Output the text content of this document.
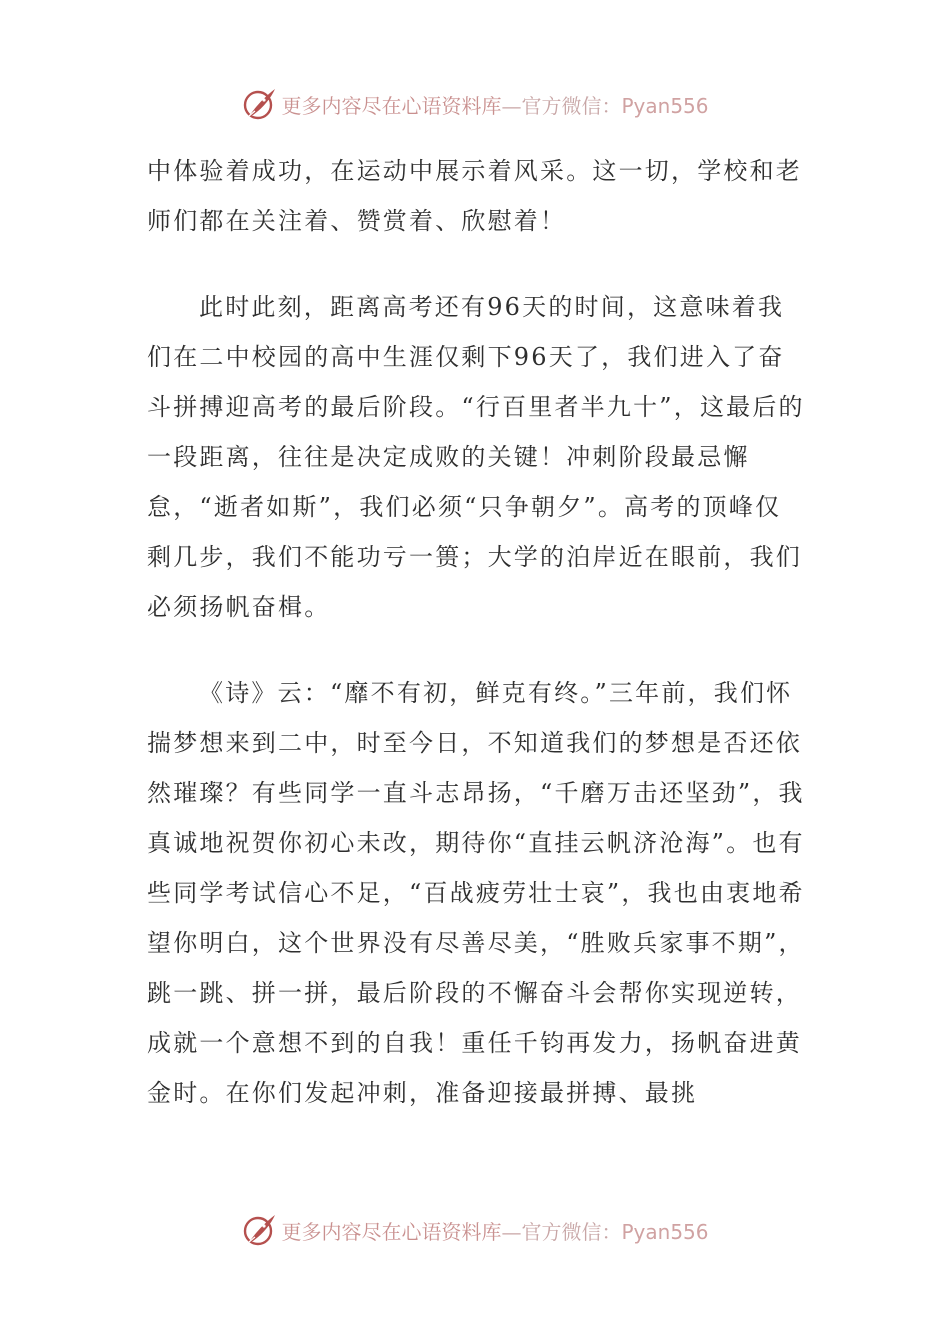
更多内容尽在心语资料库—官方微信：Pyan556

中体验着成功，在运动中展示着风采。这一切，学校和老师们都在关注着、赞赏着、欣慰着！

此时此刻，距离高考还有96天的时间，这意味着我们在二中校园的高中生涯仅剩下96天了，我们进入了奋斗拼搏迎高考的最后阶段。“行百里者半九十”，这最后的一段距离，往往是决定成败的关键！冲刺阶段最忌懈怠，“逝者如斯”，我们必须“只争朝夕”。高考的顶峰仅剩几步，我们不能功亏一篑；大学的泊岸近在眼前，我们必须扬帆奋楫。

《诗》云：“靡不有初，鲜克有终。”三年前，我们怀揣梦想来到二中，时至今日，不知道我们的梦想是否还依然璀璨？有些同学一直斗志昂扬，“千磨万击还坚劲”，我真诚地祝贺你初心未改，期待你“直挂云帆济沧海”。也有些同学考试信心不足，“百战疲劳壮士哀”，我也由衷地希望你明白，这个世界没有尽善尽美，“胜败兵家事不期”，跳一跳、拼一拼，最后阶段的不懈奋斗会帮你实现逆转，成就一个意想不到的自我！重任千钧再发力，扬帆奋进黄金时。在你们发起冲刺，准备迎接最拼搏、最挑

更多内容尽在心语资料库—官方微信：Pyan556
